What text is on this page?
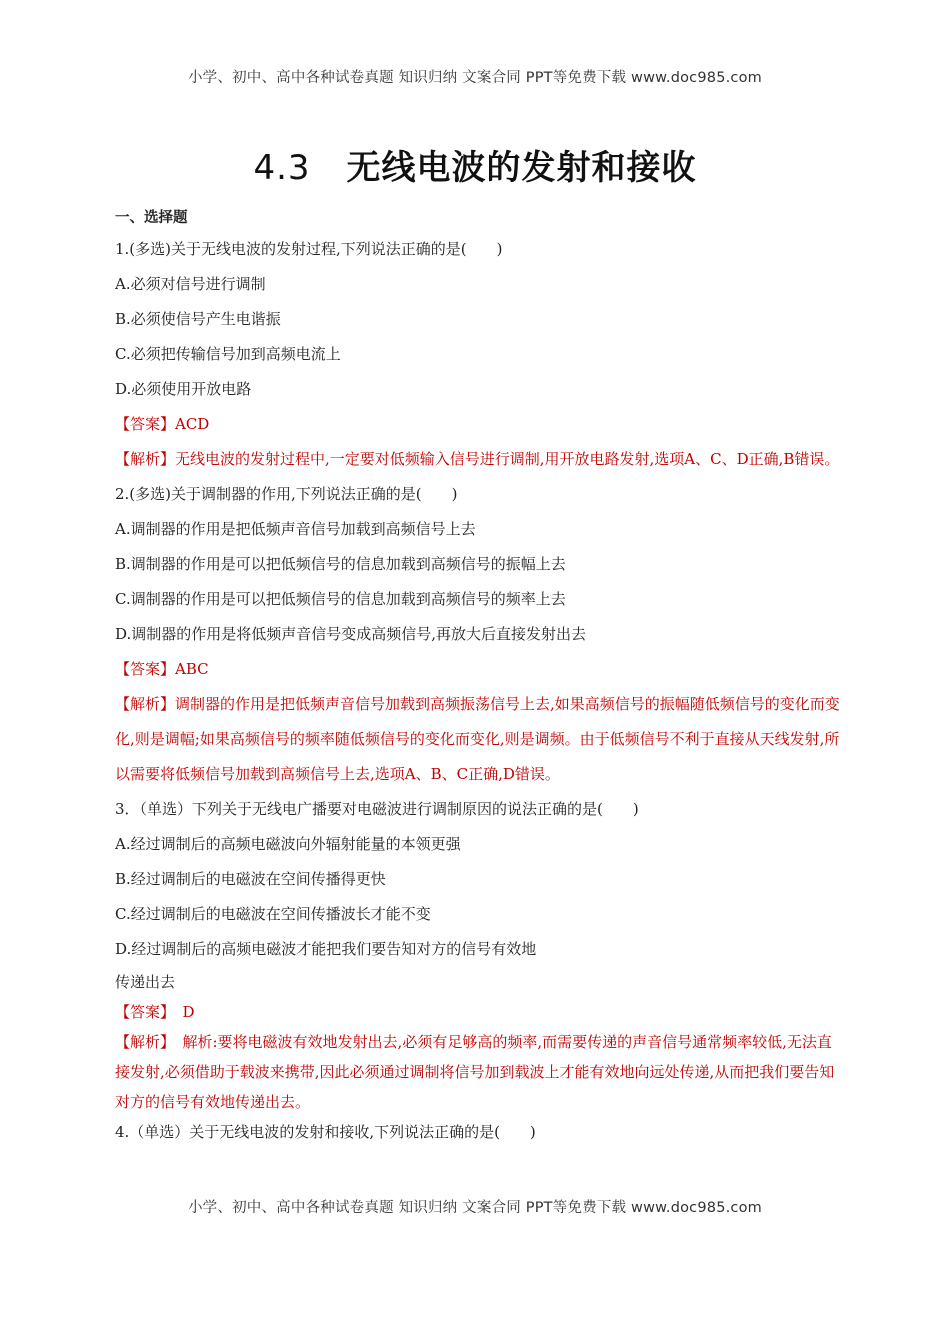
小学、初中、高中各种试卷真题 知识归纳 文案合同 PPT等免费下载 www.doc985.com
4.3 无线电波的发射和接收
一、选择题
1.(多选)关于无线电波的发射过程,下列说法正确的是(　　)
A.必须对信号进行调制
B.必须使信号产生电谐振
C.必须把传输信号加到高频电流上
D.必须使用开放电路
【答案】ACD
【解析】无线电波的发射过程中,一定要对低频输入信号进行调制,用开放电路发射,选项A、C、D正确,B错误。
2.(多选)关于调制器的作用,下列说法正确的是(　　)
A.调制器的作用是把低频声音信号加载到高频信号上去
B.调制器的作用是可以把低频信号的信息加载到高频信号的振幅上去
C.调制器的作用是可以把低频信号的信息加载到高频信号的频率上去
D.调制器的作用是将低频声音信号变成高频信号,再放大后直接发射出去
【答案】ABC
【解析】调制器的作用是把低频声音信号加载到高频振荡信号上去,如果高频信号的振幅随低频信号的变化而变化,则是调幅;如果高频信号的频率随低频信号的变化而变化,则是调频。由于低频信号不利于直接从天线发射,所以需要将低频信号加载到高频信号上去,选项A、B、C正确,D错误。
3．（单选）下列关于无线电广播要对电磁波进行调制原因的说法正确的是(　　)
A.经过调制后的高频电磁波向外辐射能量的本领更强
B.经过调制后的电磁波在空间传播得更快
C.经过调制后的电磁波在空间传播波长才能不变
D.经过调制后的高频电磁波才能把我们要告知对方的信号有效地
传递出去
【答案】　D
【解析】　解析:要将电磁波有效地发射出去,必须有足够高的频率,而需要传递的声音信号通常频率较低,无法直接发射,必须借助于载波来携带,因此必须通过调制将信号加到载波上才能有效地向远处传递,从而把我们要告知对方的信号有效地传递出去。
4.（单选）关于无线电波的发射和接收,下列说法正确的是(　　)
小学、初中、高中各种试卷真题 知识归纳 文案合同 PPT等免费下载 www.doc985.com
